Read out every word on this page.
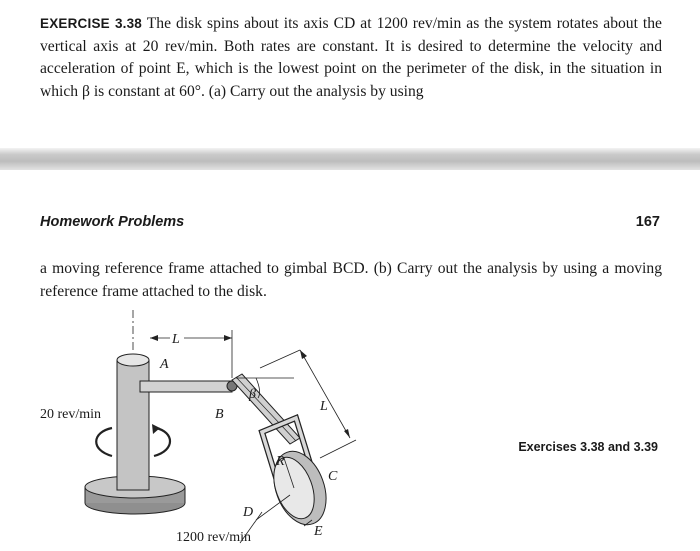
EXERCISE 3.38 The disk spins about its axis CD at 1200 rev/min as the system rotates about the vertical axis at 20 rev/min. Both rates are constant. It is desired to determine the velocity and acceleration of point E, which is the lowest point on the perimeter of the disk, in the situation in which β is constant at 60°. (a) Carry out the analysis by using
Homework Problems	167
a moving reference frame attached to gimbal BCD. (b) Carry out the analysis by using a moving reference frame attached to the disk.
L
A
B
β
L
R
C
D
E
20 rev/min
1200 rev/min
Exercises 3.38 and 3.39
